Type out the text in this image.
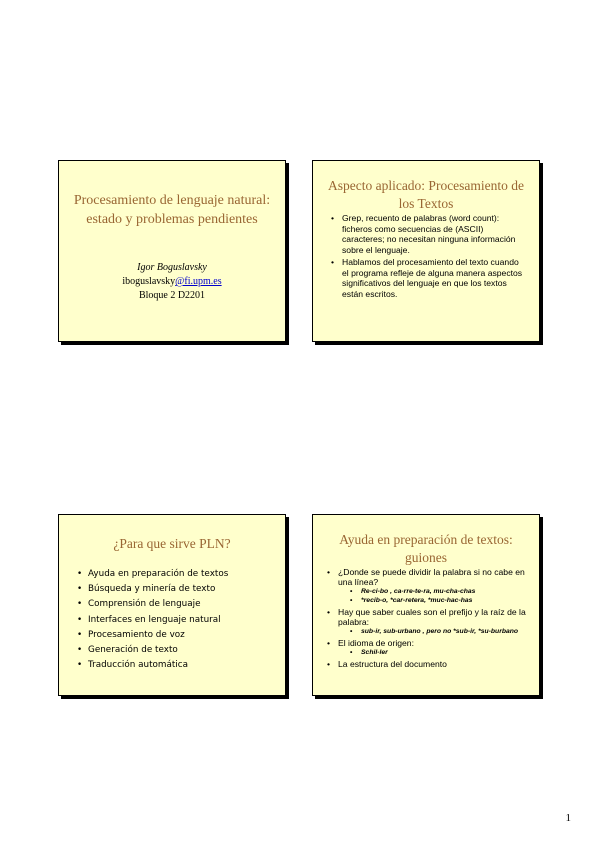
Procesamiento de lenguaje natural: estado y problemas pendientes
Igor Boguslavsky
iboguslavsky@fi.upm.es
Bloque 2 D2201
Aspecto aplicado: Procesamiento de los Textos
• Grep, recuento de palabras (word count): ficheros como secuencias de (ASCII) caracteres; no necesitan ninguna información sobre el lenguaje.
• Hablamos del procesamiento del texto cuando el programa refleje de alguna manera aspectos significativos del lenguaje en que los textos están escritos.
¿Para que sirve PLN?
• Ayuda en preparación de textos
• Búsqueda y minería de texto
• Comprensión de lenguaje
• Interfaces en lenguaje natural
• Procesamiento de voz
• Generación de texto
• Traducción automática
Ayuda en preparación de textos: guiones
• ¿Donde se puede dividir la palabra si no cabe en una línea?
• Re-ci-bo , ca-rre-te-ra, mu-cha-chas
• *recib-o, *car-retera, *muc-hac-has
• Hay que saber cuales son el prefijo y la raíz de la palabra:
• sub-ir, sub-urbano , pero no *sub-ir, *su-burbano
• El idioma de origen:
• Schil-ler
• La estructura del documento
1
